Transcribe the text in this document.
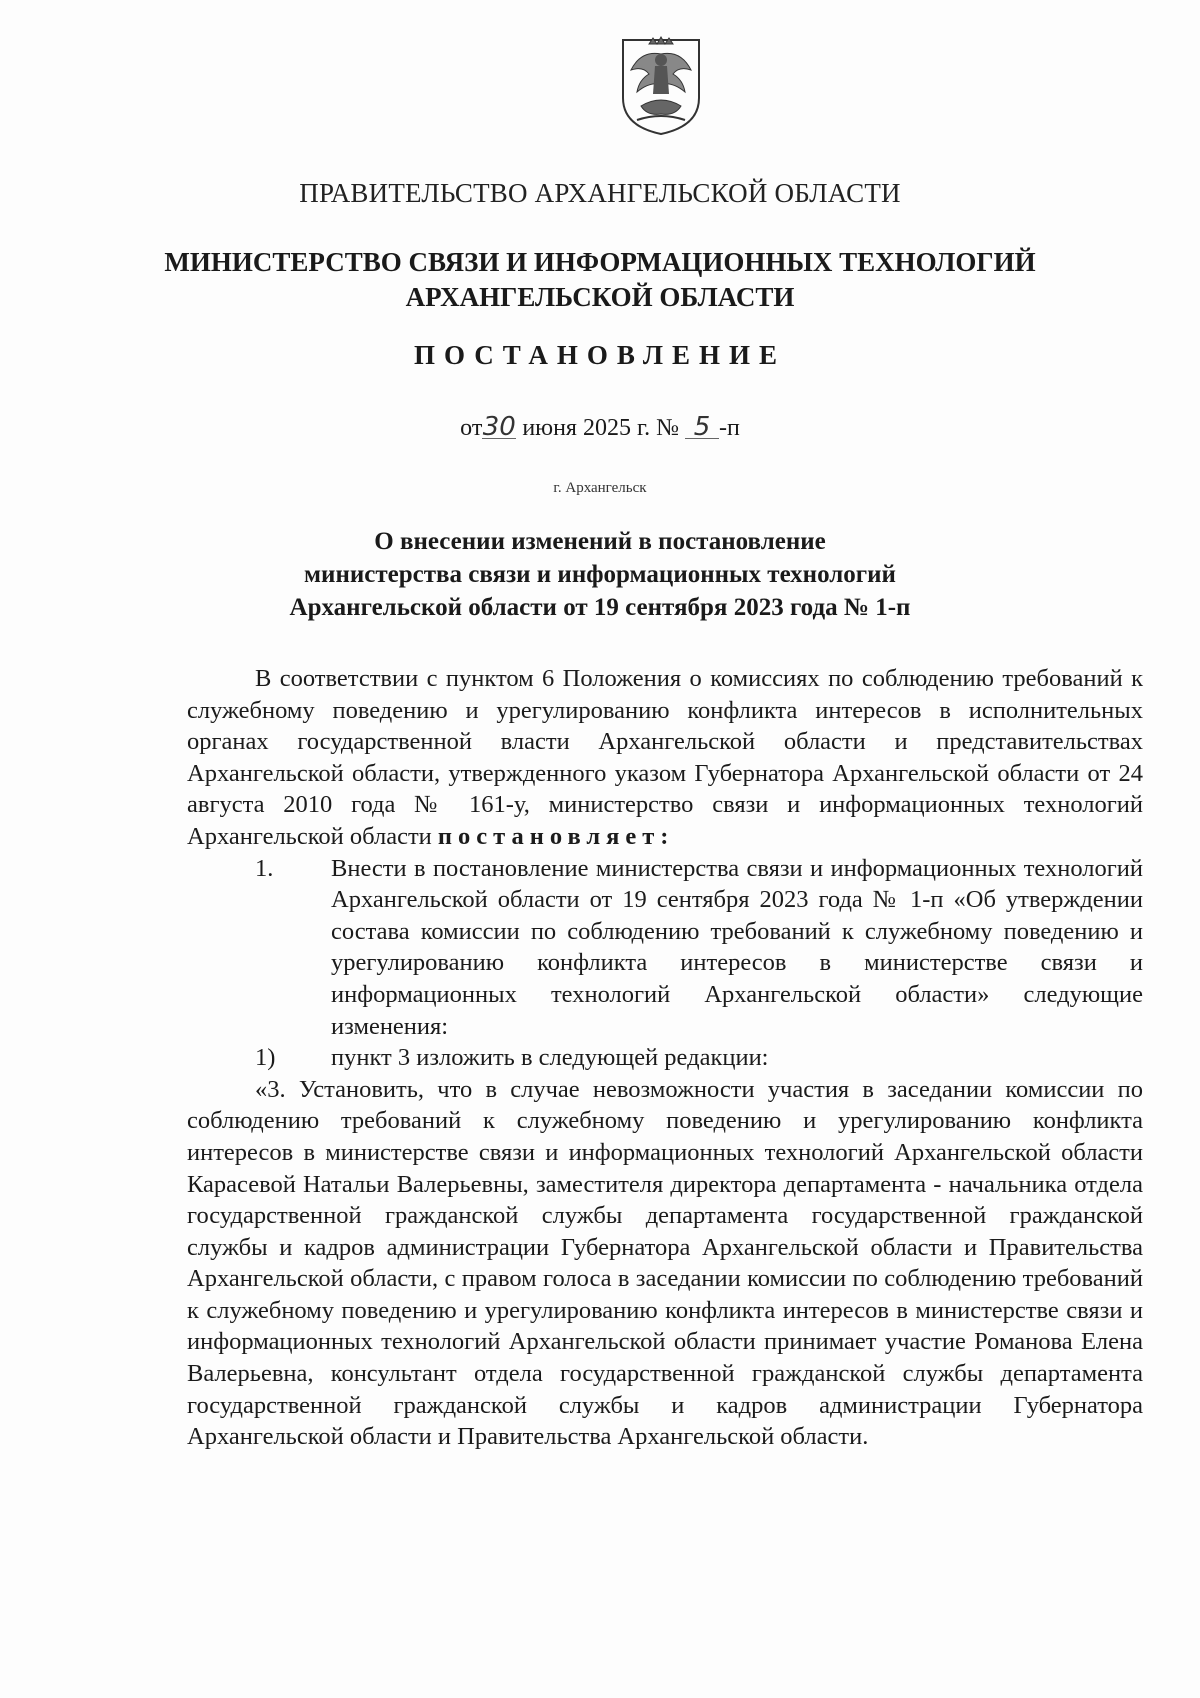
ПРАВИТЕЛЬСТВО АРХАНГЕЛЬСКОЙ ОБЛАСТИ
МИНИСТЕРСТВО СВЯЗИ И ИНФОРМАЦИОННЫХ ТЕХНОЛОГИЙ
АРХАНГЕЛЬСКОЙ ОБЛАСТИ
ПОСТАНОВЛЕНИЕ
от30 июня 2025 г. № 5 -п
г. Архангельск
О внесении изменений в постановление
министерства связи и информационных технологий
Архангельской области от 19 сентября 2023 года № 1-п

В соответствии с пунктом 6 Положения о комиссиях по соблюдению требований к служебному поведению и урегулированию конфликта интересов в исполнительных органах государственной власти Архангельской области и представительствах Архангельской области, утвержденного указом Губернатора Архангельской области от 24 августа 2010 года № 161-у, министерство связи и информационных технологий Архангельской области постановляет:

1.	Внести в постановление министерства связи и информационных технологий Архангельской области от 19 сентября 2023 года № 1-п «Об утверждении состава комиссии по соблюдению требований к служебному поведению и урегулированию конфликта интересов в министерстве связи и информационных технологий Архангельской области» следующие изменения:

1)	пункт 3 изложить в следующей редакции:

«3. Установить, что в случае невозможности участия в заседании комиссии по соблюдению требований к служебному поведению и урегулированию конфликта интересов в министерстве связи и информационных технологий Архангельской области Карасевой Натальи Валерьевны, заместителя директора департамента - начальника отдела государственной гражданской службы департамента государственной гражданской службы и кадров администрации Губернатора Архангельской области и Правительства Архангельской области, с правом голоса в заседании комиссии по соблюдению требований к служебному поведению и урегулированию конфликта интересов в министерстве связи и информационных технологий Архангельской области принимает участие Романова Елена Валерьевна, консультант отдела государственной гражданской службы департамента государственной гражданской службы и кадров администрации Губернатора Архангельской области и Правительства Архангельской области.
